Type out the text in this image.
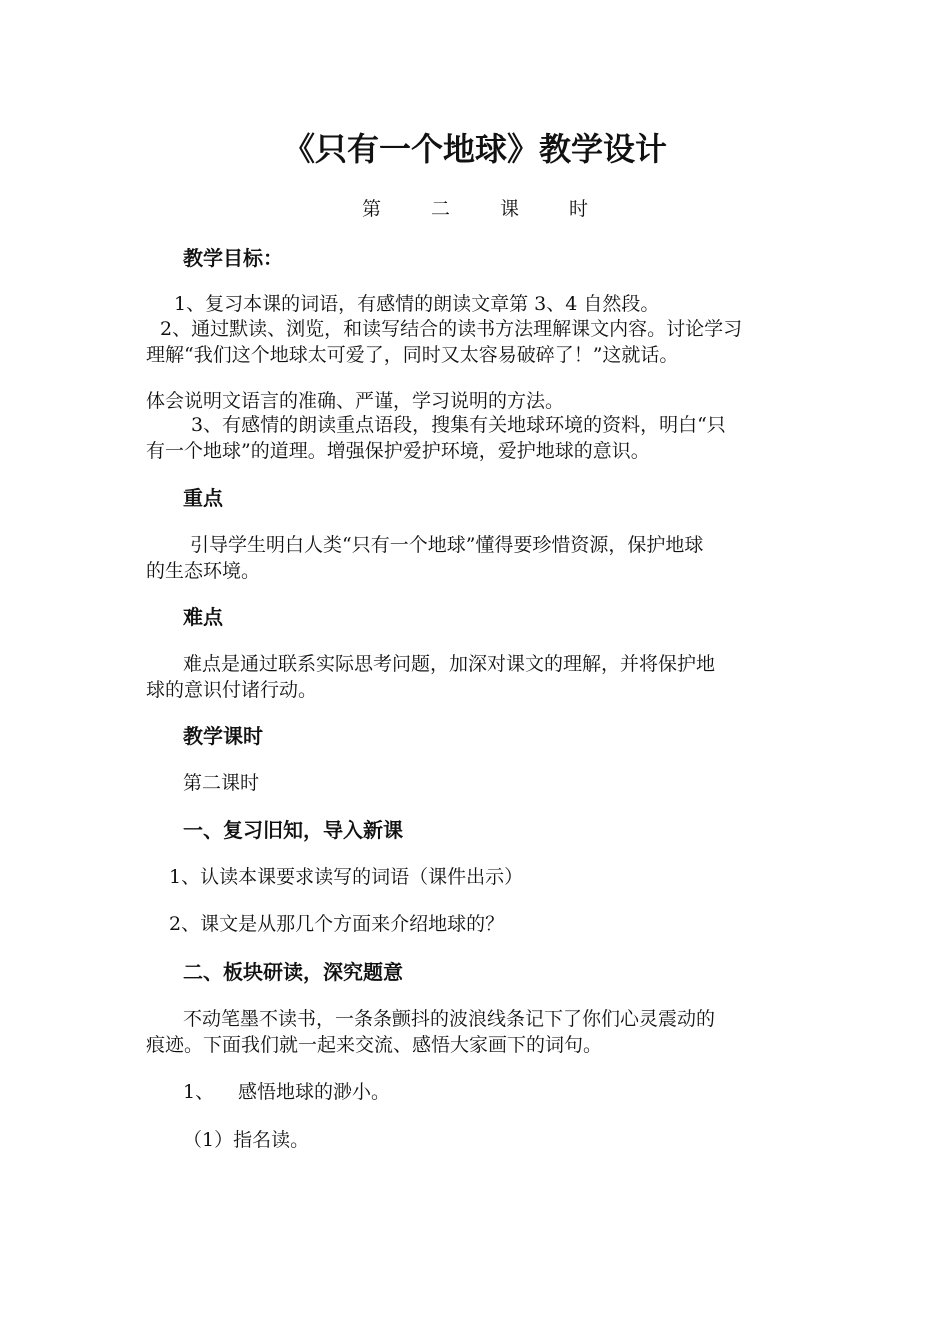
《只有一个地球》教学设计
第 二 课 时
教学目标：
1、复习本课的词语，有感情的朗读文章第 3、4 自然段。
2、通过默读、浏览，和读写结合的读书方法理解课文内容。讨论学习
理解“我们这个地球太可爱了，同时又太容易破碎了！”这就话。
体会说明文语言的准确、严谨，学习说明的方法。
3、有感情的朗读重点语段，搜集有关地球环境的资料，明白“只
有一个地球”的道理。增强保护爱护环境，爱护地球的意识。
重点
引导学生明白人类“只有一个地球”懂得要珍惜资源，保护地球
的生态环境。
难点
难点是通过联系实际思考问题，加深对课文的理解，并将保护地
球的意识付诸行动。
教学课时
第二课时
一、复习旧知，导入新课
1、认读本课要求读写的词语（课件出示）
2、课文是从那几个方面来介绍地球的？
二、板块研读，深究题意
不动笔墨不读书，一条条颤抖的波浪线条记下了你们心灵震动的
痕迹。下面我们就一起来交流、感悟大家画下的词句。
1、 感悟地球的渺小。
（1）指名读。
